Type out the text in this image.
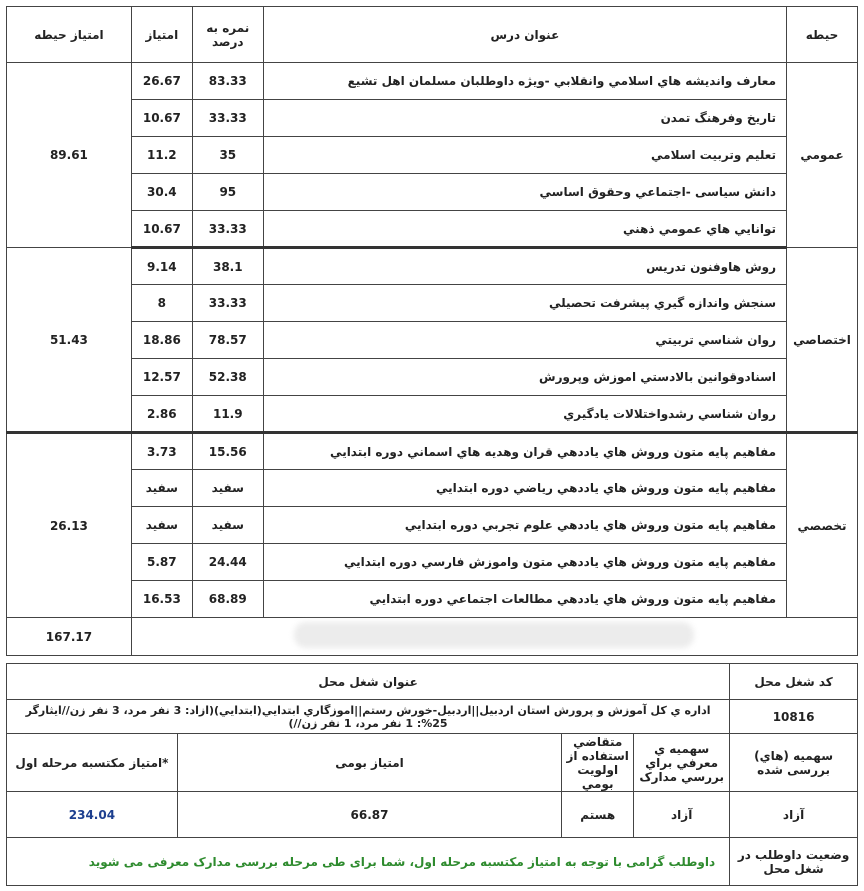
حیطه	عنوان درس	نمره به درصد	امتیاز	امتیاز حیطه
عمومي	معارف واندیشه هاي اسلامي وانقلابي -ویژه داوطلبان مسلمان اهل تشیع	83.33	26.67	89.61
	تاریخ وفرهنگ تمدن	33.33	10.67	
	تعلیم وتربیت اسلامي	35	11.2	
	دانش سیاسی -اجتماعي وحقوق اساسي	95	30.4	
	توانایي هاي عمومي ذهني	33.33	10.67	
اختصاصي	روش هاوفنون تدریس	38.1	9.14	51.43
	سنجش واندازه گیري پیشرفت تحصیلي	33.33	8	
	روان شناسي تربیتي	78.57	18.86	
	اسنادوقوانین بالادستي اموزش وپرورش	52.38	12.57	
	روان شناسي رشدواختلالات یادگیري	11.9	2.86	
تخصصي	مفاهیم پایه متون وروش هاي یاددهي قران وهدیه هاي اسماني دوره ابتدایي	15.56	3.73	26.13
	مفاهیم پایه متون وروش هاي یاددهي ریاضي دوره ابتدایي	سفید	سفید	
	مفاهیم پایه متون وروش هاي یاددهي علوم تجربي دوره ابتدایي	سفید	سفید	
	مفاهیم پایه متون وروش هاي یاددهي متون واموزش فارسي دوره ابتدایي	24.44	5.87	
	مفاهیم پایه متون وروش هاي یاددهي مطالعات اجتماعي دوره ابتدایي	68.89	16.53	
				167.17
کد شغل محل	عنوان شغل محل			
10816	اداره ي کل آموزش و پرورش استان اردبیل||اردبیل-خورش رستم||اموزگاري ابتدايي(ابتدايي)(ازاد: 3 نفر مرد، 3 نفر زن//ایثارگر 25%: 1 نفر مرد، 1 نفر زن//)			
سهمیه (هاي) بررسی شده	سهمیه ي معرفي براي بررسي مدارک	متقاضي استفاده از اولويت بومي	امتیاز بومی	*امتیاز مکتسبه مرحله اول
آزاد	آزاد	هستم	66.87	234.04
وضعیت داوطلب در شغل محل	داوطلب گرامی با توجه به امتیاز مکتسبه مرحله اول، شما برای طی مرحله بررسی مدارک معرفی می شوید			
